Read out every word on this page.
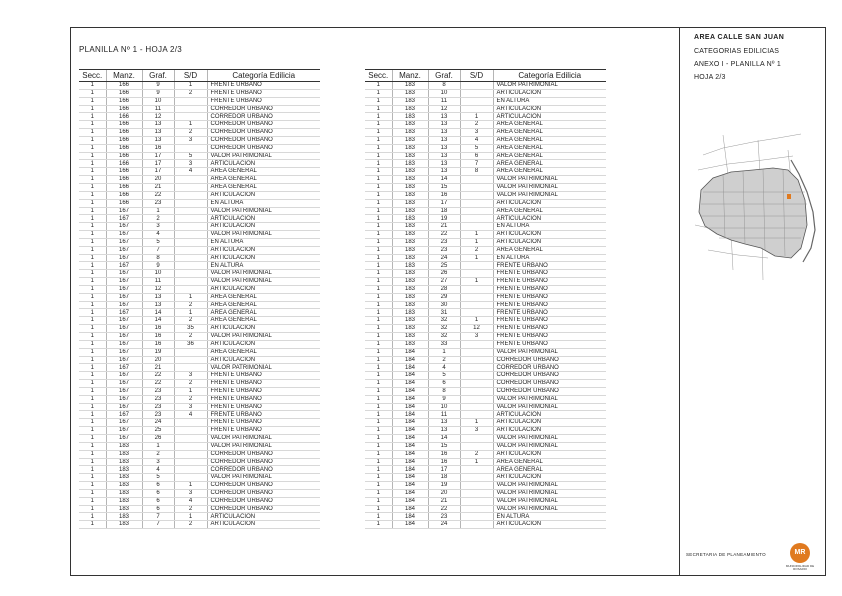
PLANILLA Nº 1 - HOJA 2/3
Secc.	Manz.	Graf.	S/D	Categoría Edilicia
1	166	9	1	FRENTE URBANO
1	166	9	2	FRENTE URBANO
1	166	10		FRENTE URBANO
1	166	11		CORREDOR URBANO
1	166	12		CORREDOR URBANO
1	166	13	1	CORREDOR URBANO
1	166	13	2	CORREDOR URBANO
1	166	13	3	CORREDOR URBANO
1	166	16		CORREDOR URBANO
1	166	17	5	VALOR PATRIMONIAL
1	166	17	3	ARTICULACION
1	166	17	4	AREA GENERAL
1	166	20		AREA GENERAL
1	166	21		AREA GENERAL
1	166	22		ARTICULACION
1	166	23		EN ALTURA
1	167	1		VALOR PATRIMONIAL
1	167	2		ARTICULACION
1	167	3		ARTICULACION
1	167	4		VALOR PATRIMONIAL
1	167	5		EN ALTURA
1	167	7		ARTICULACION
1	167	8		ARTICULACION
1	167	9		EN ALTURA
1	167	10		VALOR PATRIMONIAL
1	167	11		VALOR PATRIMONIAL
1	167	12		ARTICULACION
1	167	13	1	AREA GENERAL
1	167	13	2	AREA GENERAL
1	167	14	1	AREA GENERAL
1	167	14	2	AREA GENERAL
1	167	16	35	ARTICULACION
1	167	16	2	VALOR PATRIMONIAL
1	167	16	36	ARTICULACION
1	167	19		AREA GENERAL
1	167	20		ARTICULACION
1	167	21		VALOR PATRIMONIAL
1	167	22	3	FRENTE URBANO
1	167	22	2	FRENTE URBANO
1	167	23	1	FRENTE URBANO
1	167	23	2	FRENTE URBANO
1	167	23	3	FRENTE URBANO
1	167	23	4	FRENTE URBANO
1	167	24		FRENTE URBANO
1	167	25		FRENTE URBANO
1	167	26		VALOR PATRIMONIAL
1	183	1		VALOR PATRIMONIAL
1	183	2		CORREDOR URBANO
1	183	3		CORREDOR URBANO
1	183	4		CORREDOR URBANO
1	183	5		VALOR PATRIMONIAL
1	183	6	1	CORREDOR URBANO
1	183	6	3	CORREDOR URBANO
1	183	6	4	CORREDOR URBANO
1	183	6	2	CORREDOR URBANO
1	183	7	1	ARTICULACION
1	183	7	2	ARTICULACION
Secc.	Manz.	Graf.	S/D	Categoría Edilicia
1	183	8		VALOR PATRIMONIAL
1	183	10		ARTICULACION
1	183	11		EN ALTURA
1	183	12		ARTICULACION
1	183	13	1	ARTICULACION
1	183	13	2	AREA GENERAL
1	183	13	3	AREA GENERAL
1	183	13	4	AREA GENERAL
1	183	13	5	AREA GENERAL
1	183	13	6	AREA GENERAL
1	183	13	7	AREA GENERAL
1	183	13	8	AREA GENERAL
1	183	14		VALOR PATRIMONIAL
1	183	15		VALOR PATRIMONIAL
1	183	16		VALOR PATRIMONIAL
1	183	17		ARTICULACION
1	183	18		AREA GENERAL
1	183	19		ARTICULACION
1	183	21		EN ALTURA
1	183	22	1	ARTICULACION
1	183	23	1	ARTICULACION
1	183	23	2	AREA GENERAL
1	183	24	1	EN ALTURA
1	183	25		FRENTE URBANO
1	183	26		FRENTE URBANO
1	183	27	1	FRENTE URBANO
1	183	28		FRENTE URBANO
1	183	29		FRENTE URBANO
1	183	30		FRENTE URBANO
1	183	31		FRENTE URBANO
1	183	32	1	FRENTE URBANO
1	183	32	12	FRENTE URBANO
1	183	32	3	FRENTE URBANO
1	183	33		FRENTE URBANO
1	184	1		VALOR PATRIMONIAL
1	184	2		CORREDOR URBANO
1	184	4		CORREDOR URBANO
1	184	5		CORREDOR URBANO
1	184	6		CORREDOR URBANO
1	184	8		CORREDOR URBANO
1	184	9		VALOR PATRIMONIAL
1	184	10		VALOR PATRIMONIAL
1	184	11		ARTICULACION
1	184	13	1	ARTICULACION
1	184	13	3	ARTICULACION
1	184	14		VALOR PATRIMONIAL
1	184	15		VALOR PATRIMONIAL
1	184	16	2	ARTICULACION
1	184	16	1	AREA GENERAL
1	184	17		AREA GENERAL
1	184	18		ARTICULACION
1	184	19		VALOR PATRIMONIAL
1	184	20		VALOR PATRIMONIAL
1	184	21		VALOR PATRIMONIAL
1	184	22		VALOR PATRIMONIAL
1	184	23		EN ALTURA
1	184	24		ARTICULACION
AREA CALLE SAN JUAN
CATEGORIAS EDILICIAS
ANEXO I - PLANILLA Nº 1
HOJA 2/3
SECRETARIA DE PLANEAMIENTO	MR
MUNICIPALIDAD DE ROSARIO
